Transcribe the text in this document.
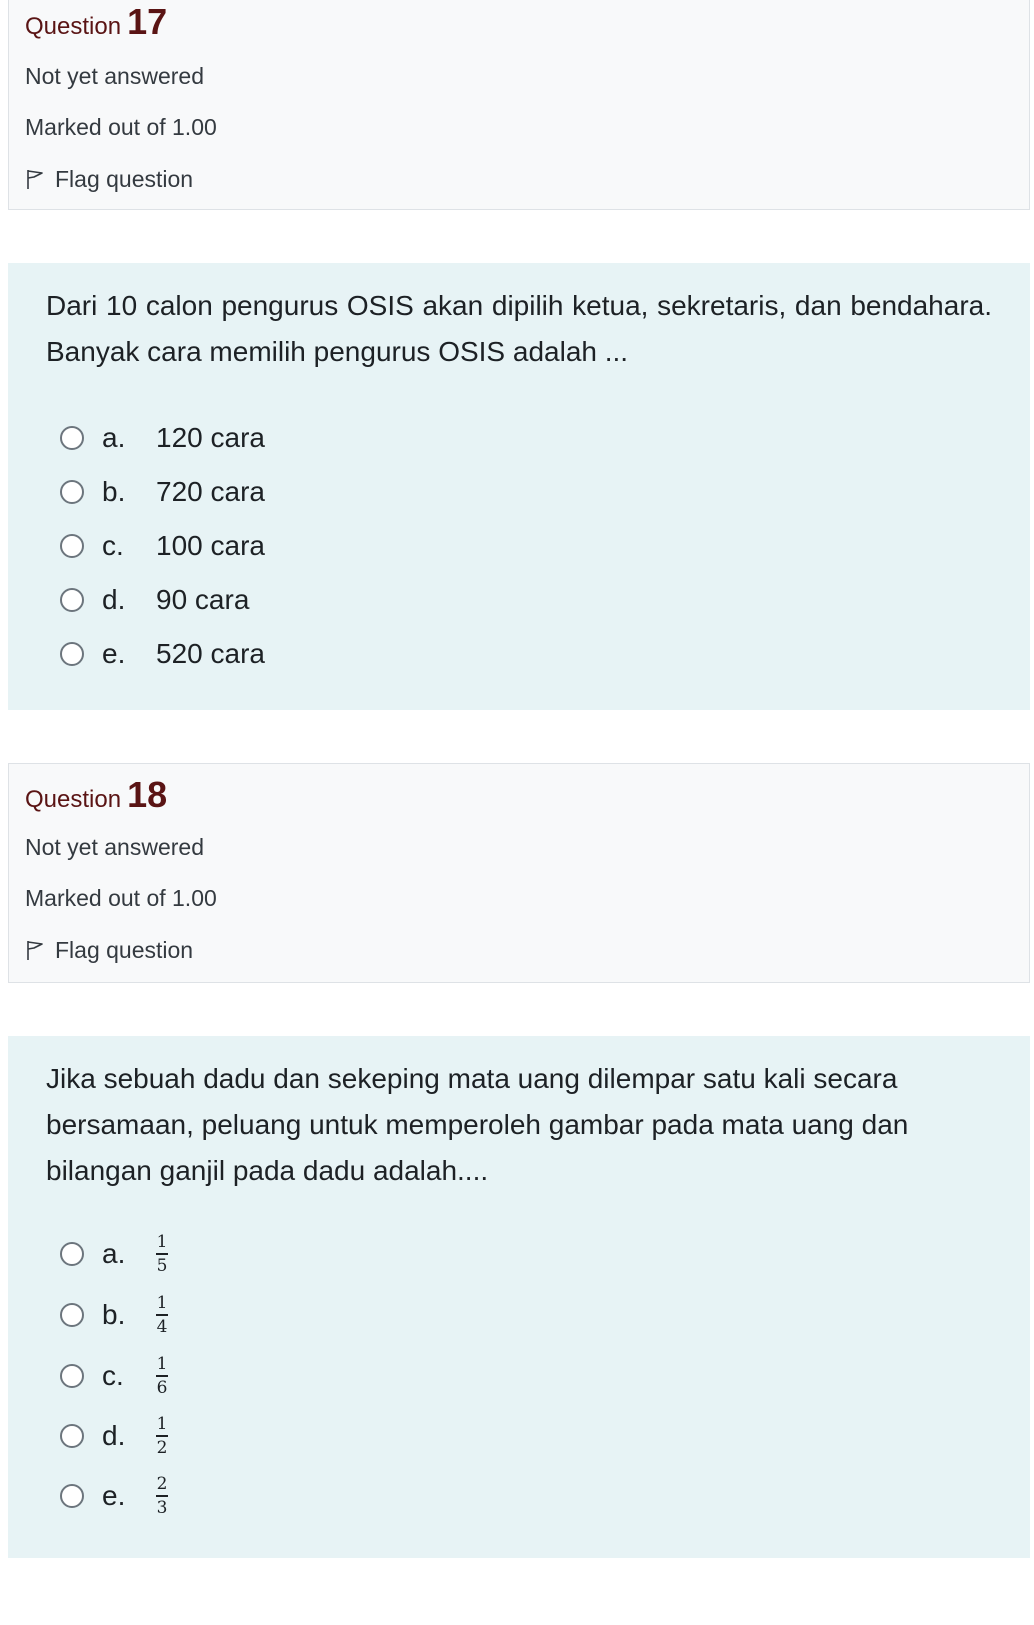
Question 17
Not yet answered
Marked out of 1.00
Flag question
Dari 10 calon pengurus OSIS akan dipilih ketua, sekretaris, dan bendahara. Banyak cara memilih pengurus OSIS adalah ...
a.	120 cara
b.	720 cara
c.	100 cara
d.	90 cara
e.	520 cara
Question 18
Not yet answered
Marked out of 1.00
Flag question
Jika sebuah dadu dan sekeping mata uang dilempar satu kali secara bersamaan, peluang untuk memperoleh gambar pada mata uang dan bilangan ganjil pada dadu adalah....
a.	$\frac{1}{5}$
b.	$\frac{1}{4}$
c.	$\frac{1}{6}$
d.	$\frac{1}{2}$
e.	$\frac{2}{3}$
